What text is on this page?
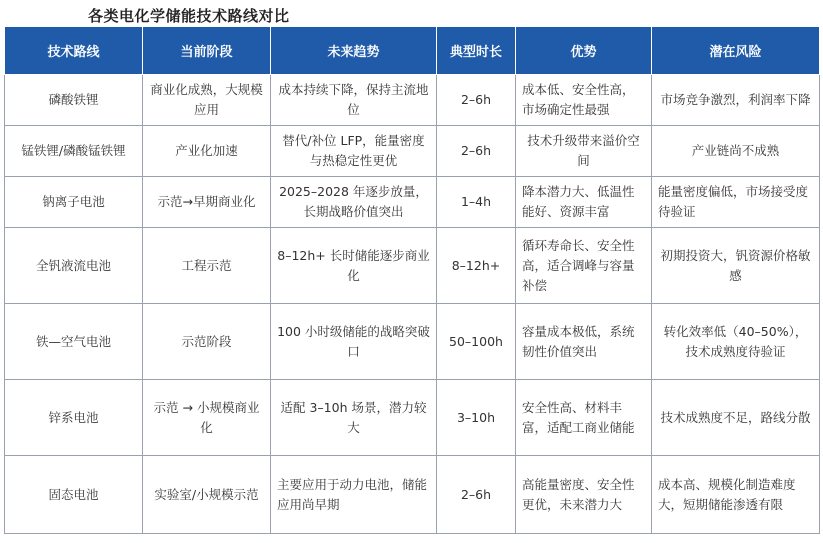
各类电化学储能技术路线对比
技术路线	当前阶段	未来趋势	典型时长	优势	潜在风险
磷酸铁锂	商业化成熟，大规模应用	成本持续下降，保持主流地位	2–6h	成本低、安全性高，市场确定性最强	市场竞争激烈，利润率下降
锰铁锂/磷酸锰铁锂	产业化加速	替代/补位 LFP，能量密度与热稳定性更优	2–6h	技术升级带来溢价空间	产业链尚不成熟
钠离子电池	示范→早期商业化	2025–2028 年逐步放量，长期战略价值突出	1–4h	降本潜力大、低温性能好、资源丰富	能量密度偏低，市场接受度待验证
全钒液流电池	工程示范	8–12h+ 长时储能逐步商业化	8–12h+	循环寿命长、安全性高，适合调峰与容量补偿	初期投资大，钒资源价格敏感
铁—空气电池	示范阶段	100 小时级储能的战略突破口	50–100h	容量成本极低，系统韧性价值突出	转化效率低（40–50%），技术成熟度待验证
锌系电池	示范 → 小规模商业化	适配 3–10h 场景，潜力较大	3–10h	安全性高、材料丰富，适配工商业储能	技术成熟度不足，路线分散
固态电池	实验室/小规模示范	主要应用于动力电池，储能应用尚早期	2–6h	高能量密度、安全性更优，未来潜力大	成本高、规模化制造难度大，短期储能渗透有限
